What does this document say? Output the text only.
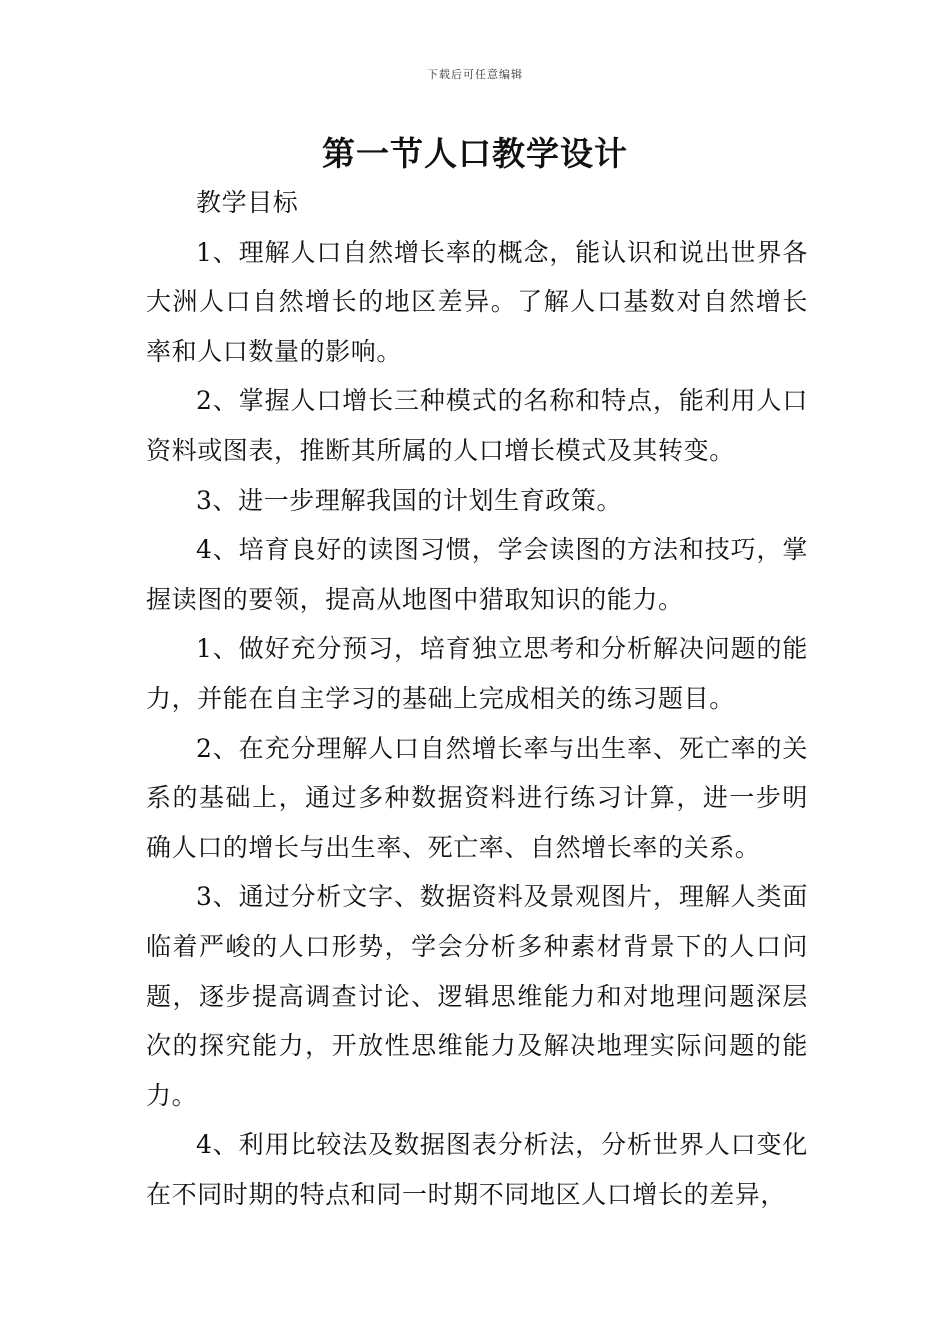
下载后可任意编辑
第一节人口教学设计

教学目标

1、理解人口自然增长率的概念，能认识和说出世界各大洲人口自然增长的地区差异。了解人口基数对自然增长率和人口数量的影响。

2、掌握人口增长三种模式的名称和特点，能利用人口资料或图表，推断其所属的人口增长模式及其转变。

3、进一步理解我国的计划生育政策。

4、培育良好的读图习惯，学会读图的方法和技巧，掌握读图的要领，提高从地图中猎取知识的能力。

1、做好充分预习，培育独立思考和分析解决问题的能力，并能在自主学习的基础上完成相关的练习题目。

2、在充分理解人口自然增长率与出生率、死亡率的关系的基础上，通过多种数据资料进行练习计算，进一步明确人口的增长与出生率、死亡率、自然增长率的关系。

3、通过分析文字、数据资料及景观图片，理解人类面临着严峻的人口形势，学会分析多种素材背景下的人口问题，逐步提高调查讨论、逻辑思维能力和对地理问题深层次的探究能力，开放性思维能力及解决地理实际问题的能力。

4、利用比较法及数据图表分析法，分析世界人口变化在不同时期的特点和同一时期不同地区人口增长的差异，
